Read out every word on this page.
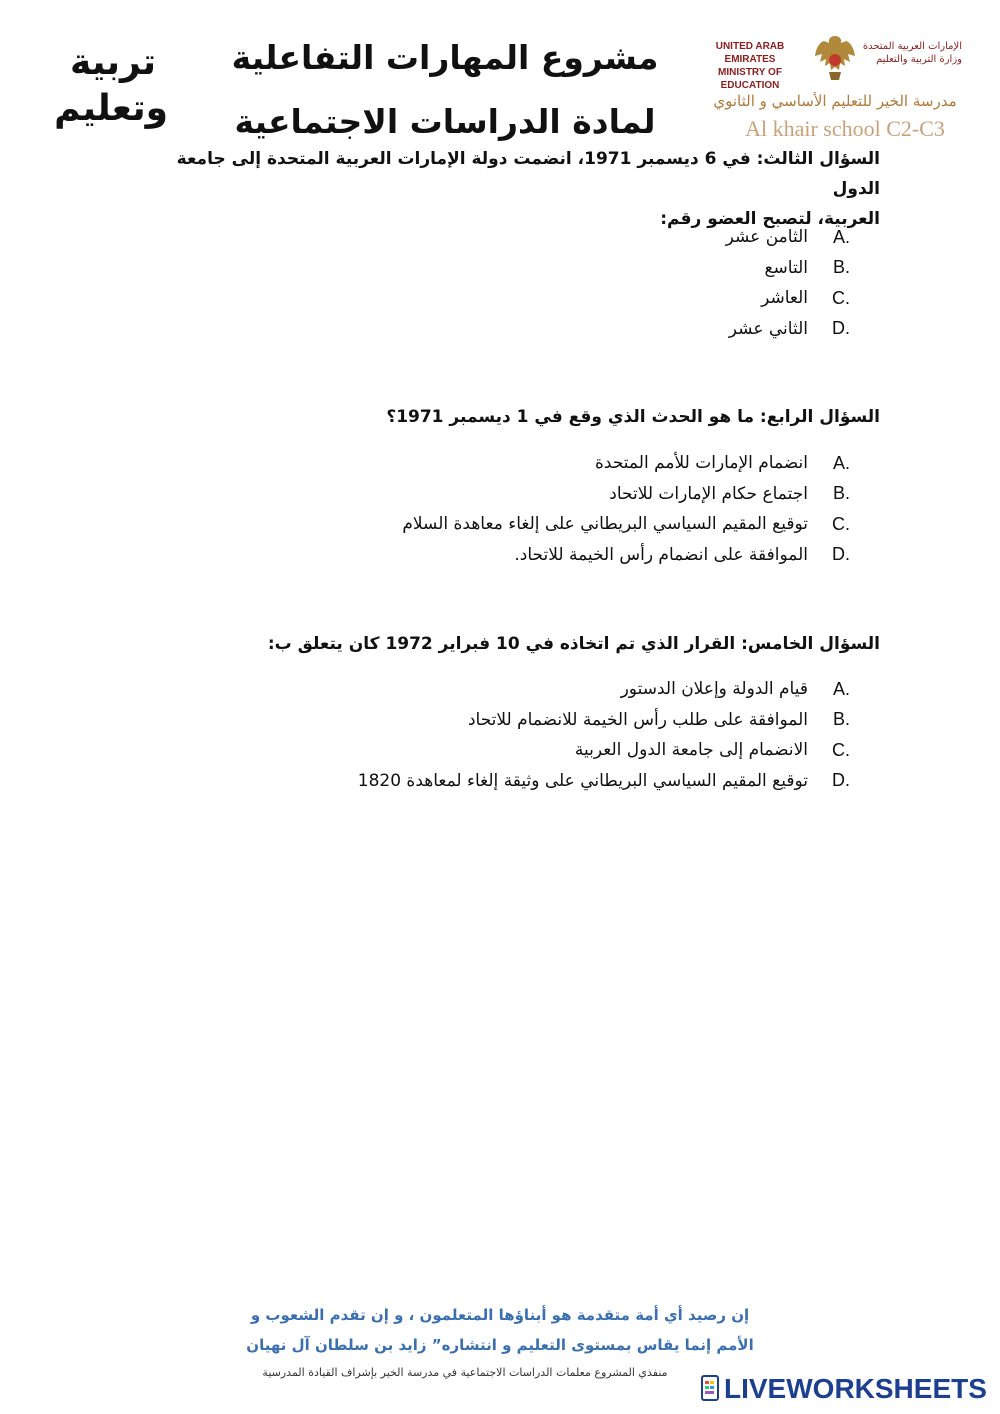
تربية
وتعليم
مشروع المهارات التفاعلية
لمادة الدراسات الاجتماعية
UNITED ARAB EMIRATES
MINISTRY OF EDUCATION
الإمارات العربية المتحدة
وزارة التربية والتعليم
مدرسة الخير للتعليم الأساسي و الثانوي
Al khair school C2-C3
السؤال الثالث: في 6 ديسمبر 1971، انضمت دولة الإمارات العربية المتحدة إلى جامعة الدول
العربية، لتصبح العضو رقم:
A.
الثامن عشر
B.
التاسع
C.
العاشر
D.
الثاني عشر
السؤال الرابع: ما هو الحدث الذي وقع في 1 ديسمبر 1971؟
A.
انضمام الإمارات للأمم المتحدة
B.
اجتماع حكام الإمارات للاتحاد
C.
توقيع المقيم السياسي البريطاني على إلغاء معاهدة السلام
D.
الموافقة على انضمام رأس الخيمة للاتحاد.
السؤال الخامس: القرار الذي تم اتخاذه في 10 فبراير 1972 كان يتعلق ب:
A.
قيام الدولة وإعلان الدستور
B.
الموافقة على طلب رأس الخيمة للانضمام للاتحاد
C.
الانضمام إلى جامعة الدول العربية
D.
توقيع المقيم السياسي البريطاني على وثيقة إلغاء لمعاهدة 1820
إن رصيد أي أمة متقدمة هو أبناؤها المتعلمون ، و إن تقدم الشعوب و
الأمم إنما يقاس بمستوى التعليم و انتشاره” زايد بن سلطان آل نهيان
منفذي المشروع معلمات الدراسات الاجتماعية في مدرسة الخير بإشراف القيادة المدرسية
LIVEWORKSHEETS
